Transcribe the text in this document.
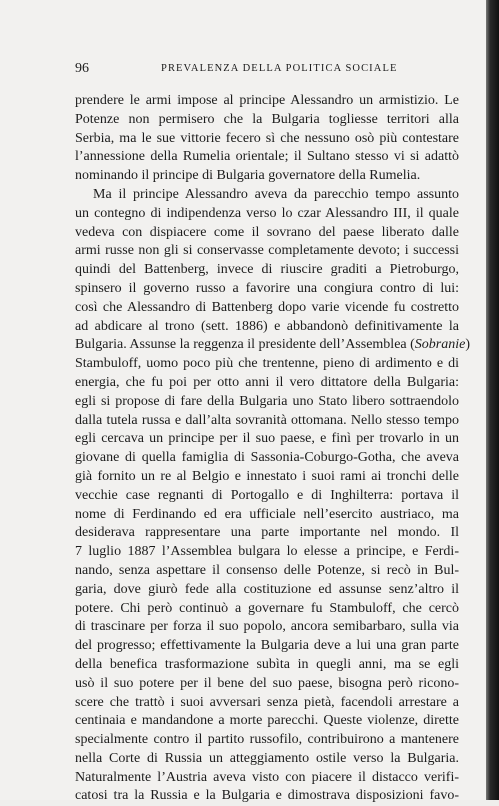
96	PREVALENZA DELLA POLITICA SOCIALE
prendere le armi impose al principe Alessandro un armistizio. Le
Potenze non permisero che la Bulgaria togliesse territori alla
Serbia, ma le sue vittorie fecero sì che nessuno osò più contestare
l’annessione della Rumelia orientale; il Sultano stesso vi si adattò
nominando il principe di Bulgaria governatore della Rumelia.
Ma il principe Alessandro aveva da parecchio tempo assunto
un contegno di indipendenza verso lo czar Alessandro III, il quale
vedeva con dispiacere come il sovrano del paese liberato dalle
armi russe non gli si conservasse completamente devoto; i successi
quindi del Battenberg, invece di riuscire graditi a Pietroburgo,
spinsero il governo russo a favorire una congiura contro di lui:
così che Alessandro di Battenberg dopo varie vicende fu costretto
ad abdicare al trono (sett. 1886) e abbandonò definitivamente la
Bulgaria. Assunse la reggenza il presidente dell’Assemblea (Sobranie)
Stambuloff, uomo poco più che trentenne, pieno di ardimento e di
energia, che fu poi per otto anni il vero dittatore della Bulgaria:
egli si propose di fare della Bulgaria uno Stato libero sottraendolo
dalla tutela russa e dall’alta sovranità ottomana. Nello stesso tempo
egli cercava un principe per il suo paese, e finì per trovarlo in un
giovane di quella famiglia di Sassonia-Coburgo-Gotha, che aveva
già fornito un re al Belgio e innestato i suoi rami ai tronchi delle
vecchie case regnanti di Portogallo e di Inghilterra: portava il
nome di Ferdinando ed era ufficiale nell’esercito austriaco, ma
desiderava rappresentare una parte importante nel mondo. Il
7 luglio 1887 l’Assemblea bulgara lo elesse a principe, e Ferdi-
nando, senza aspettare il consenso delle Potenze, si recò in Bul-
garia, dove giurò fede alla costituzione ed assunse senz’altro il
potere. Chi però continuò a governare fu Stambuloff, che cercò
di trascinare per forza il suo popolo, ancora semibarbaro, sulla via
del progresso; effettivamente la Bulgaria deve a lui una gran parte
della benefica trasformazione subìta in quegli anni, ma se egli
usò il suo potere per il bene del suo paese, bisogna però ricono-
scere che trattò i suoi avversari senza pietà, facendoli arrestare a
centinaia e mandandone a morte parecchi. Queste violenze, dirette
specialmente contro il partito russofilo, contribuirono a mantenere
nella Corte di Russia un atteggiamento ostile verso la Bulgaria.
Naturalmente l’Austria aveva visto con piacere il distacco verifi-
catosi tra la Russia e la Bulgaria e dimostrava disposizioni favo-
